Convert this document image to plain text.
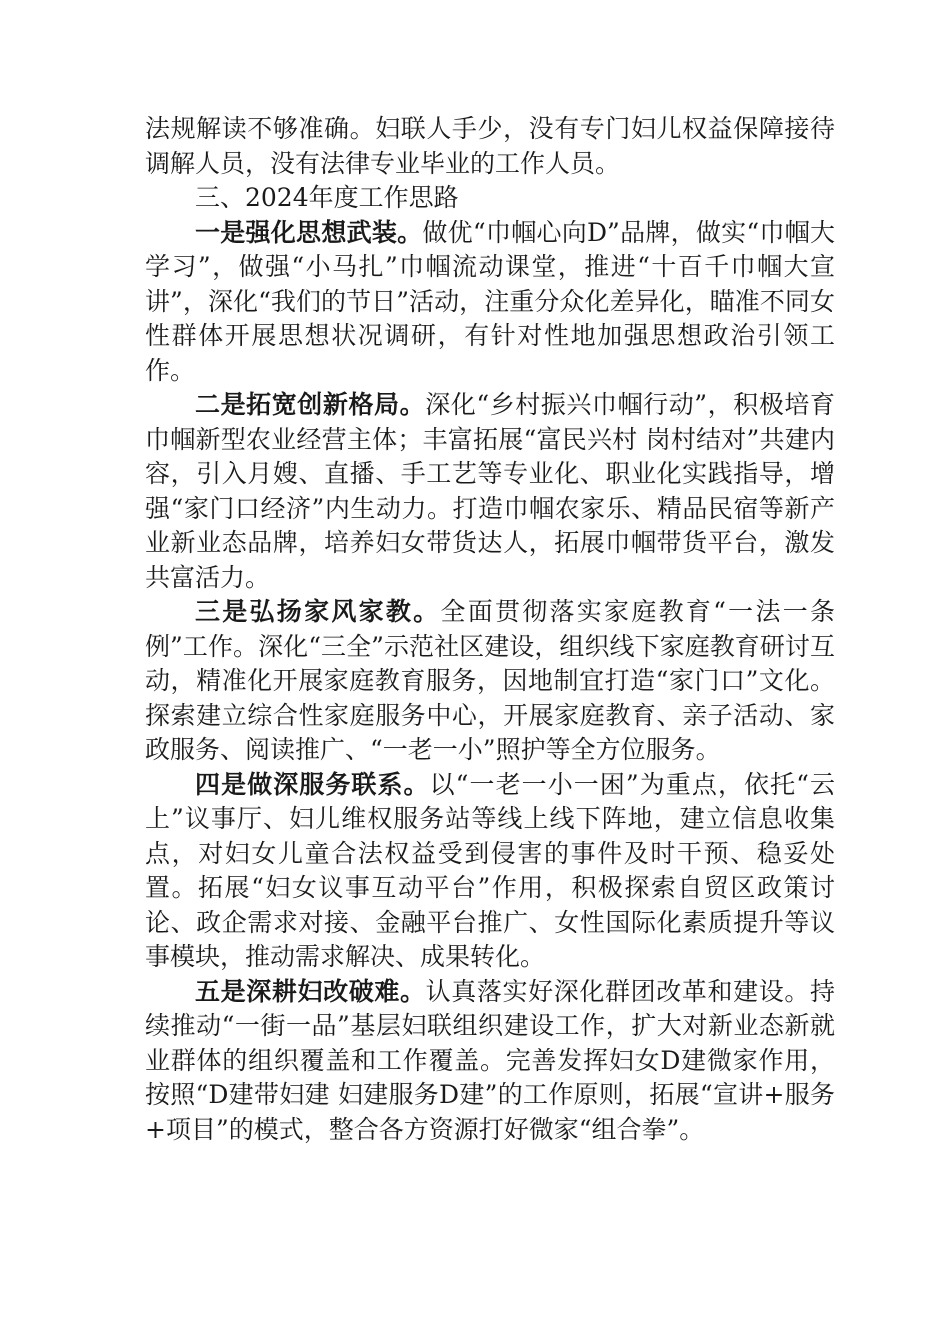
法规解读不够准确。妇联人手少，没有专门妇儿权益保障接待调解人员，没有法律专业毕业的工作人员。

三、2024年度工作思路

一是强化思想武装。做优“巾帼心向D”品牌，做实“巾帼大学习”，做强“小马扎”巾帼流动课堂，推进“十百千巾帼大宣讲”，深化“我们的节日”活动，注重分众化差异化，瞄准不同女性群体开展思想状况调研，有针对性地加强思想政治引领工作。

二是拓宽创新格局。深化“乡村振兴巾帼行动”，积极培育巾帼新型农业经营主体；丰富拓展“富民兴村 岗村结对”共建内容，引入月嫂、直播、手工艺等专业化、职业化实践指导，增强“家门口经济”内生动力。打造巾帼农家乐、精品民宿等新产业新业态品牌，培养妇女带货达人，拓展巾帼带货平台，激发共富活力。

三是弘扬家风家教。全面贯彻落实家庭教育“一法一条例”工作。深化“三全”示范社区建设，组织线下家庭教育研讨互动，精准化开展家庭教育服务，因地制宜打造“家门口”文化。探索建立综合性家庭服务中心，开展家庭教育、亲子活动、家政服务、阅读推广、“一老一小”照护等全方位服务。

四是做深服务联系。以“一老一小一困”为重点，依托“云上”议事厅、妇儿维权服务站等线上线下阵地，建立信息收集点，对妇女儿童合法权益受到侵害的事件及时干预、稳妥处置。拓展“妇女议事互动平台”作用，积极探索自贸区政策讨论、政企需求对接、金融平台推广、女性国际化素质提升等议事模块，推动需求解决、成果转化。

五是深耕妇改破难。认真落实好深化群团改革和建设。持续推动“一街一品”基层妇联组织建设工作，扩大对新业态新就业群体的组织覆盖和工作覆盖。完善发挥妇女D建微家作用，按照“D建带妇建 妇建服务D建”的工作原则，拓展“宣讲+服务+项目”的模式，整合各方资源打好微家“组合拳”。
